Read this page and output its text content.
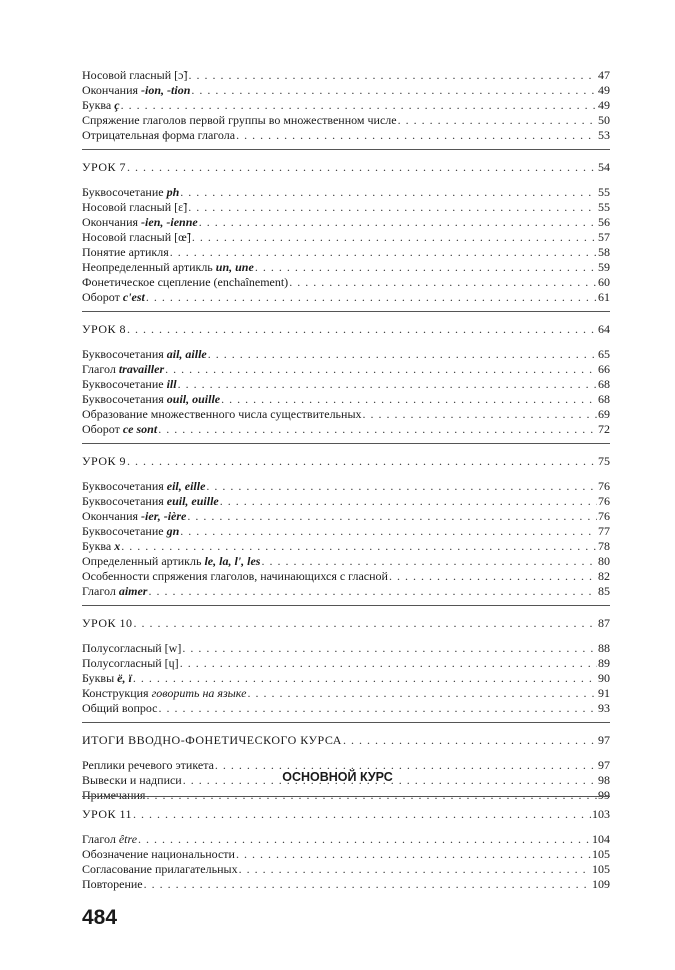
Носовой гласный [ɔ̃] . . .	47
Окончания -ion, -tion . . .	49
Буква ç . . .	49
Спряжение глаголов первой группы во множественном числе . . .	50
Отрицательная форма глагола . . .	53
УРОК 7 . . .	54
Буквосочетание ph . . .	55
Носовой гласный [ɛ̃] . . .	55
Окончания -ien, -ienne . . .	56
Носовой гласный [œ̃] . . .	57
Понятие артикля . . .	58
Неопределенный артикль un, une . . .	59
Фонетическое сцепление (enchaînement) . . .	60
Оборот c'est . . .	61
УРОК 8 . . .	64
Буквосочетания ail, aille . . .	65
Глагол travailler . . .	66
Буквосочетание ill . . .	68
Буквосочетания ouil, ouille . . .	68
Образование множественного числа существительных . . .	69
Оборот ce sont . . .	72
УРОК 9 . . .	75
Буквосочетания eil, eille . . .	76
Буквосочетания euil, euille . . .	76
Окончания -ier, -ière . . .	76
Буквосочетание gn . . .	77
Буква x . . .	78
Определенный артикль le, la, l', les . . .	80
Особенности спряжения глаголов, начинающихся с гласной . . .	82
Глагол aimer . . .	85
УРОК 10 . . .	87
Полусогласный [w] . . .	88
Полусогласный [ɥ] . . .	89
Буквы ë, ï . . .	90
Конструкция говорить на языке . . .	91
Общий вопрос . . .	93
ИТОГИ ВВОДНО-ФОНЕТИЧЕСКОГО КУРСА . . .	97
Реплики речевого этикета . . .	97
Вывески и надписи . . .	98
Примечания . . .	99
ОСНОВНОЙ КУРС
УРОК 11 . . .	103
Глагол être . . .	104
Обозначение национальности . . .	105
Согласование прилагательных . . .	105
Повторение . . .	109
484
